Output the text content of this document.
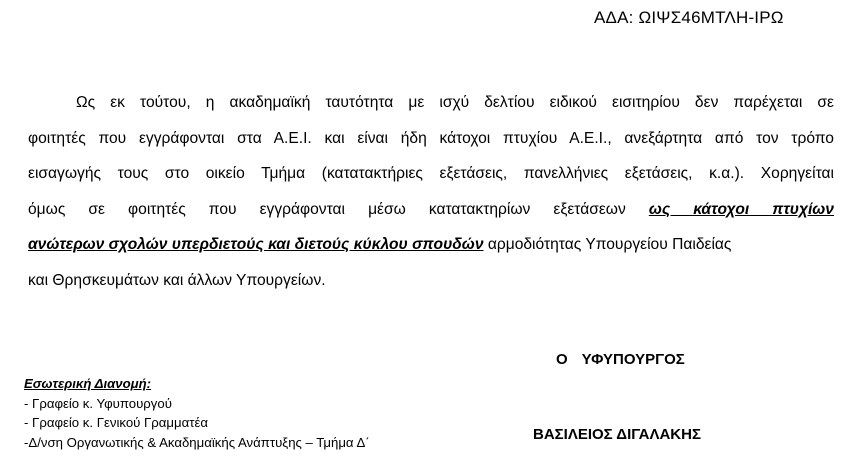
ΑΔΑ: ΩΙΨΣ46ΜΤΛΗ-ΙΡΩ
Ως εκ τούτου, η ακαδημαϊκή ταυτότητα με ισχύ δελτίου ειδικού εισιτηρίου δεν παρέχεται σε
φοιτητές που εγγράφονται στα Α.Ε.Ι. και είναι ήδη κάτοχοι πτυχίου Α.Ε.Ι., ανεξάρτητα από τον τρόπο
εισαγωγής τους στο οικείο Τμήμα (κατατακτήριες εξετάσεις, πανελλήνιες εξετάσεις, κ.α.). Χορηγείται
όμως σε φοιτητές που εγγράφονται μέσω κατατακτηρίων εξετάσεων ως κάτοχοι πτυχίων
ανώτερων σχολών υπερδιετούς και διετούς κύκλου σπουδών αρμοδιότητας Υπουργείου Παιδείας
και Θρησκευμάτων και άλλων Υπουργείων.
Ο ΥΦΥΠΟΥΡΓΟΣ
ΒΑΣΙΛΕΙΟΣ ΔΙΓΑΛΑΚΗΣ
Εσωτερική Διανομή:
- Γραφείο κ. Υφυπουργού
- Γραφείο κ. Γενικού Γραμματέα
-Δ/νση Οργανωτικής & Ακαδημαϊκής Ανάπτυξης – Τμήμα Δ΄
